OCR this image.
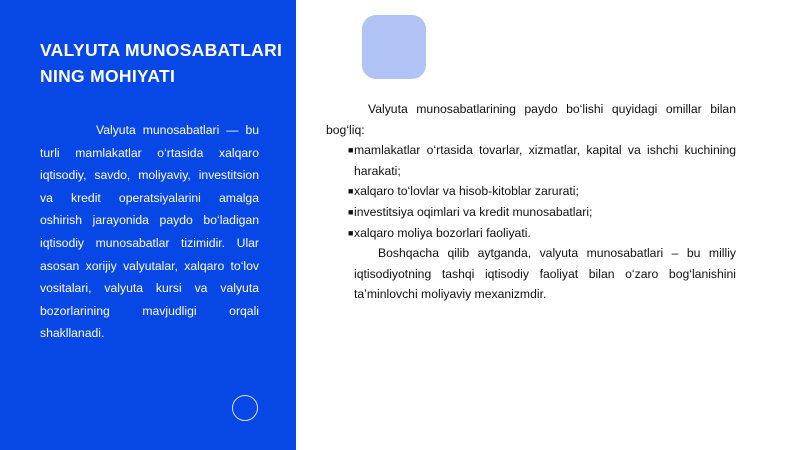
VALYUTA MUNOSABATLARINING MOHIYATI

Valyuta munosabatlari — bu turli mamlakatlar o‘rtasida xalqaro iqtisodiy, savdo, moliyaviy, investitsion va kredit operatsiyalarini amalga oshirish jarayonida paydo bo‘ladigan iqtisodiy munosabatlar tizimidir. Ular asosan xorijiy valyutalar, xalqaro to‘lov vositalari, valyuta kursi va valyuta bozorlarining mavjudligi orqali shakllanadi.

Valyuta munosabatlarining paydo bo‘lishi quyidagi omillar bilan bog‘liq:

■ mamlakatlar o‘rtasida tovarlar, xizmatlar, kapital va ishchi kuchining harakati;
■ xalqaro to‘lovlar va hisob-kitoblar zarurati;
■ investitsiya oqimlari va kredit munosabatlari;
■ xalqaro moliya bozorlari faoliyati.

Boshqacha qilib aytganda, valyuta munosabatlari – bu milliy iqtisodiyotning tashqi iqtisodiy faoliyat bilan o‘zaro bog‘lanishini ta’minlovchi moliyaviy mexanizmdir.
